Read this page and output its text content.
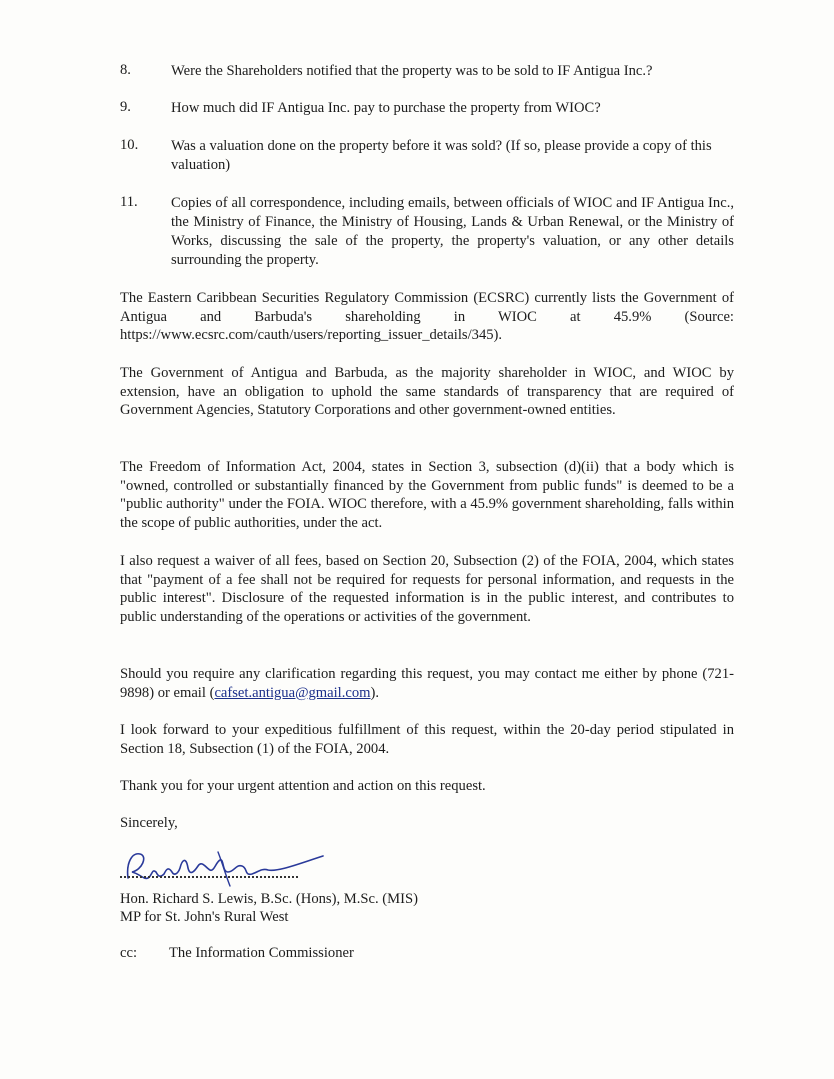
8.	Were the Shareholders notified that the property was to be sold to IF Antigua Inc.?
9.	How much did IF Antigua Inc. pay to purchase the property from WIOC?
10. Was a valuation done on the property before it was sold? (If so, please provide a copy of this valuation)
11. Copies of all correspondence, including emails, between officials of WIOC and IF Antigua Inc., the Ministry of Finance, the Ministry of Housing, Lands & Urban Renewal, or the Ministry of Works, discussing the sale of the property, the property's valuation, or any other details surrounding the property.
The Eastern Caribbean Securities Regulatory Commission (ECSRC) currently lists the Government of Antigua and Barbuda's shareholding in WIOC at 45.9% (Source: https://www.ecsrc.com/cauth/users/reporting_issuer_details/345).
The Government of Antigua and Barbuda, as the majority shareholder in WIOC, and WIOC by extension, have an obligation to uphold the same standards of transparency that are required of Government Agencies, Statutory Corporations and other government-owned entities.
The Freedom of Information Act, 2004, states in Section 3, subsection (d)(ii) that a body which is "owned, controlled or substantially financed by the Government from public funds" is deemed to be a "public authority" under the FOIA. WIOC therefore, with a 45.9% government shareholding, falls within the scope of public authorities, under the act.
I also request a waiver of all fees, based on Section 20, Subsection (2) of the FOIA, 2004, which states that "payment of a fee shall not be required for requests for personal information, and requests in the public interest". Disclosure of the requested information is in the public interest, and contributes to public understanding of the operations or activities of the government.
Should you require any clarification regarding this request, you may contact me either by phone (721-9898) or email (cafset.antigua@gmail.com).
I look forward to your expeditious fulfillment of this request, within the 20-day period stipulated in Section 18, Subsection (1) of the FOIA, 2004.
Thank you for your urgent attention and action on this request.
Sincerely,
Hon. Richard S. Lewis, B.Sc. (Hons), M.Sc. (MIS)
MP for St. John's Rural West
cc: The Information Commissioner
